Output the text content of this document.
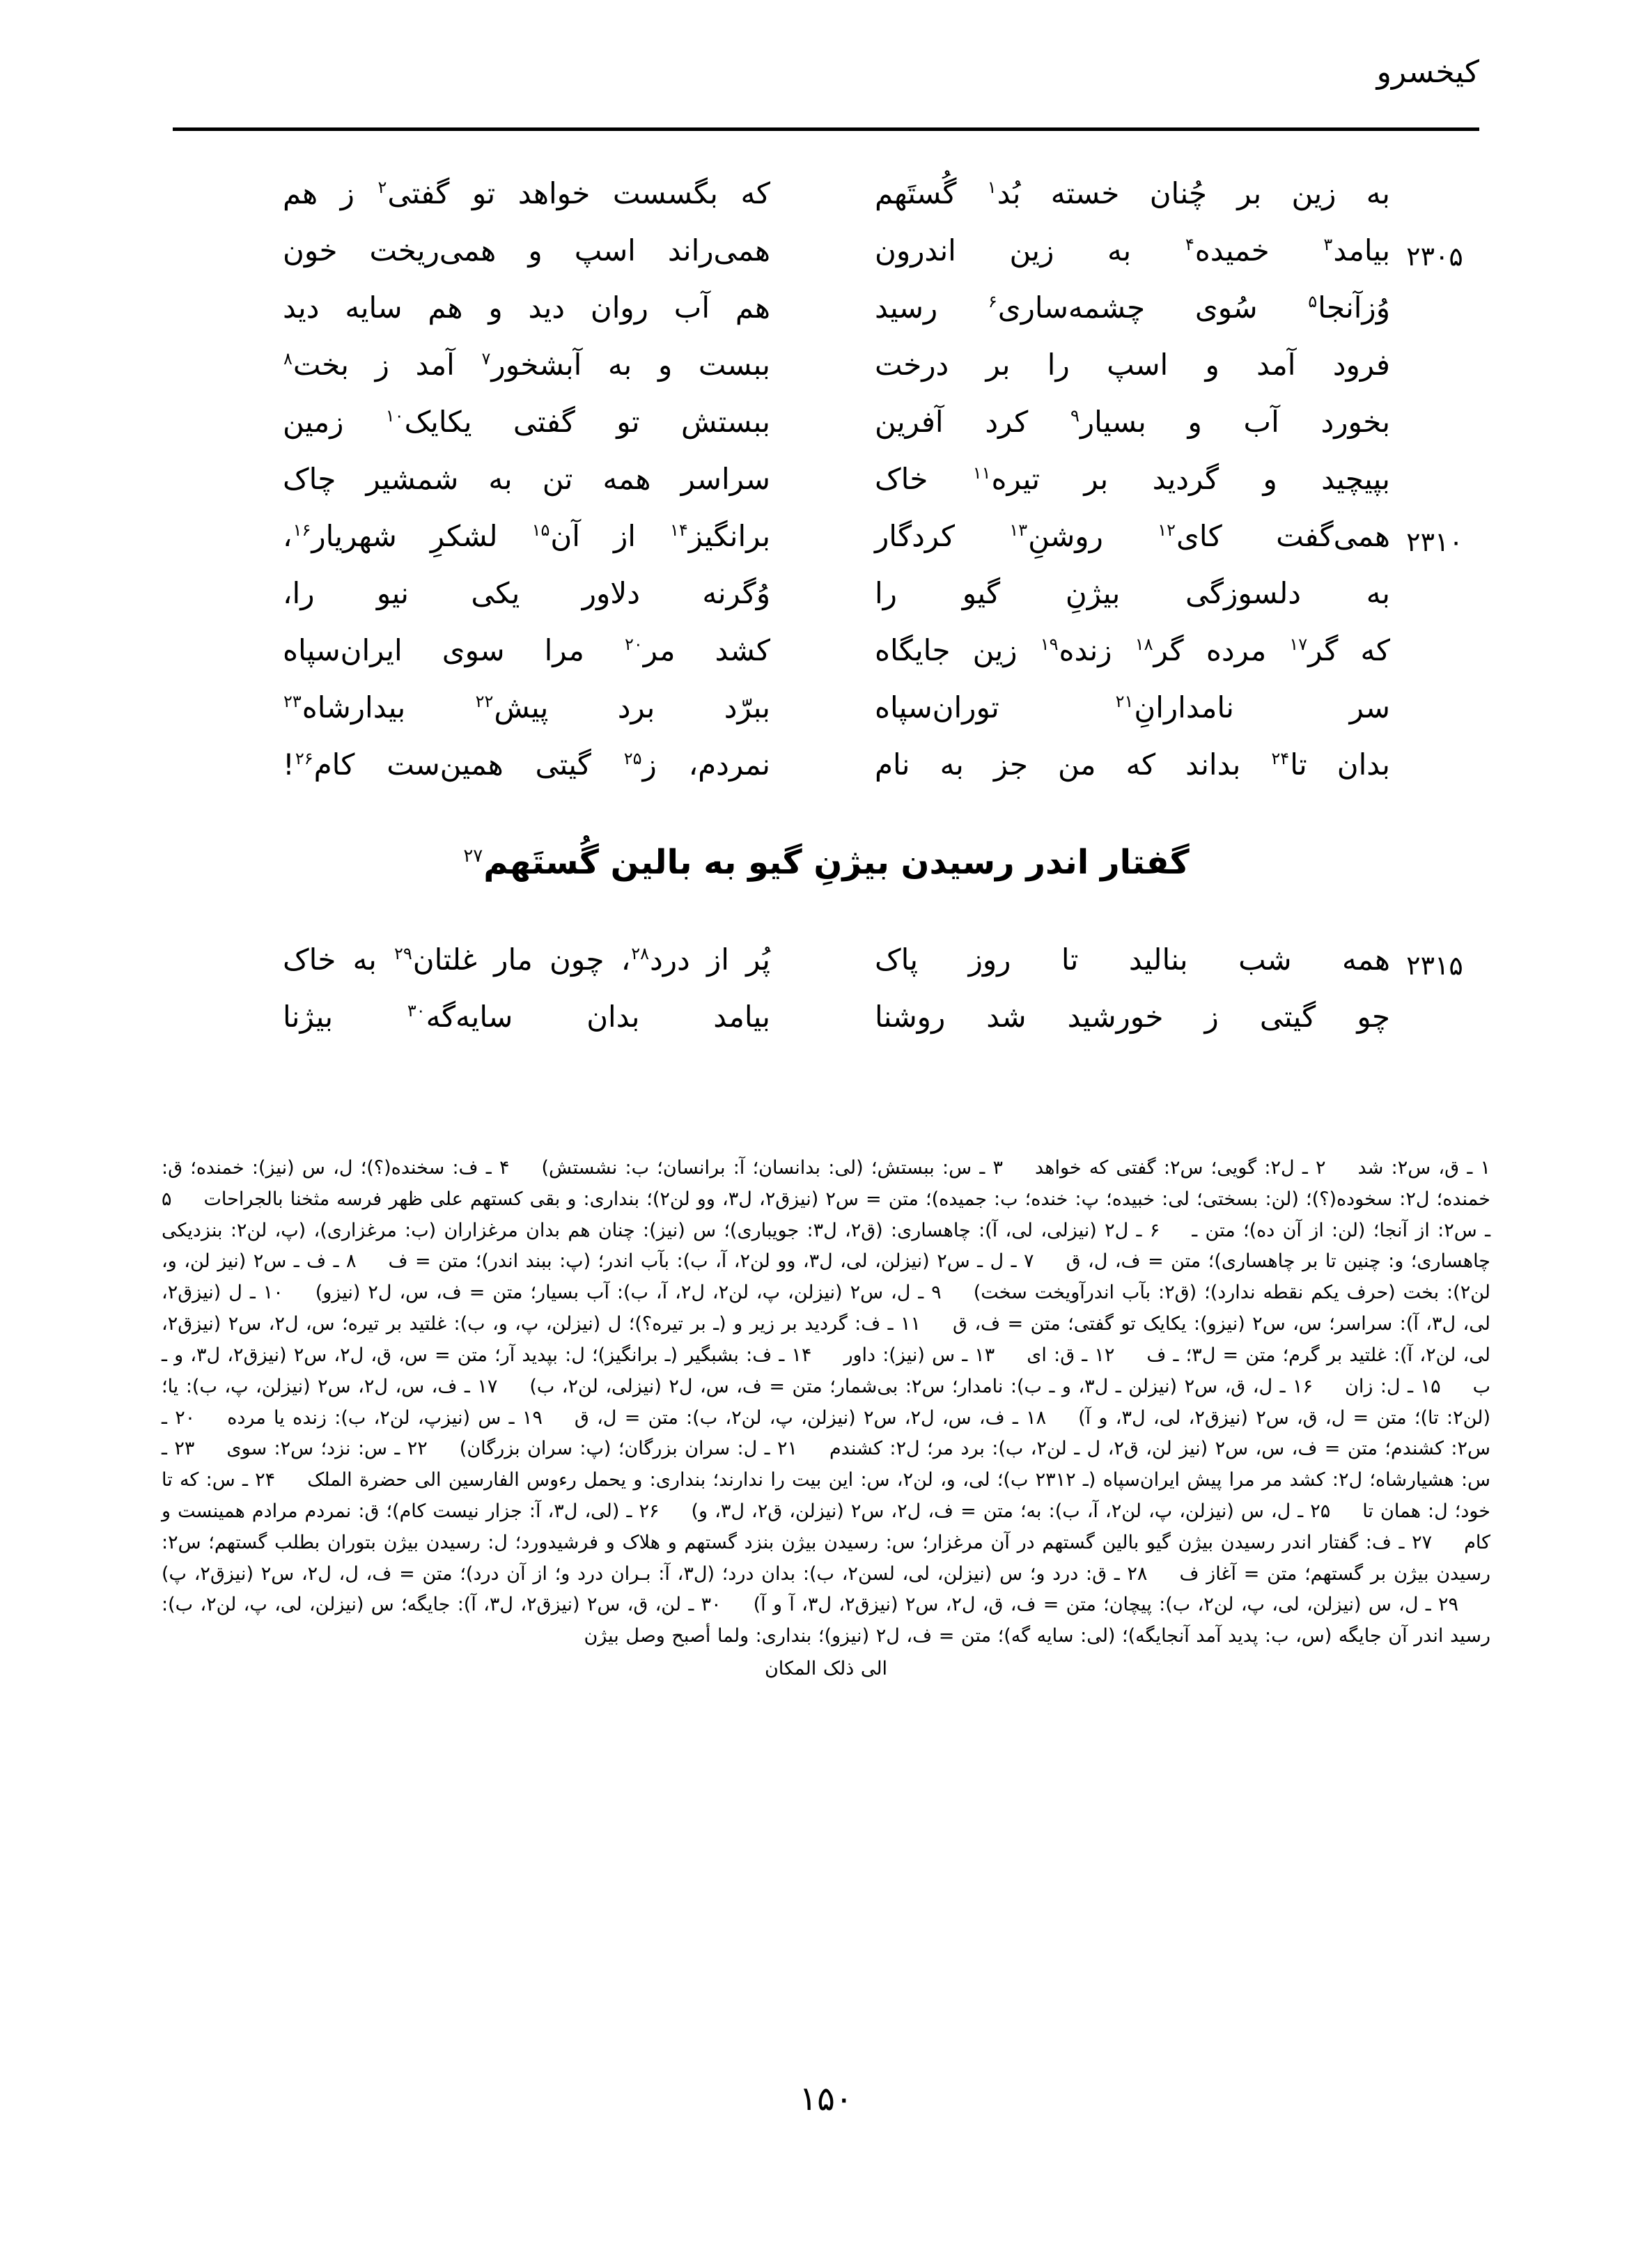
کیخسرو
به زین بر چُنان خسته بُد$^۱$ گُستَهم
که بگسست خواهد تو گفتی$^۲$ ز هم
۲۳۰۵
بیامد$^۳$ خمیده$^۴$ به زین اندرون
همی‌راند اسپ و همی‌ریخت خون
وُزآنجا$^۵$ سُوی چشمه‌ساری$^۶$ رسید
هم آب روان دید و هم سایه دید
فرود آمد و اسپ را بر درخت
ببست و به آبشخور$^۷$ آمد ز بخت$^۸$
بخورد آب و بسیار$^۹$ کرد آفرین
ببستش تو گفتی یکایک$^{۱۰}$ زمین
بپیچید و گردید بر تیره$^{۱۱}$ خاک
سراسر همه تن به شمشیر چاک
۲۳۱۰
همی‌گفت کای$^{۱۲}$ روشنِ$^{۱۳}$ کردگار
برانگیز$^{۱۴}$ از آن$^{۱۵}$ لشکرِ شهریار$^{۱۶}$،
به دلسوزگی بیژنِ گیو را
وُگرنه دلاور یکی نیو را،
که گر$^{۱۷}$ مرده گر$^{۱۸}$ زنده$^{۱۹}$ زین جایگاه
کشد مر$^{۲۰}$ مرا سوی ایران‌سپاه
سر نامدارانِ$^{۲۱}$ توران‌سپاه
ببرّد برد پیش$^{۲۲}$ بیدارشاه$^{۲۳}$
بدان تا$^{۲۴}$ بداند که من جز به نام
نمردم، ز$^{۲۵}$ گیتی همین‌ست کام$^{۲۶}$!
گفتار اندر رسیدن بیژنِ گیو به بالین گُستَهم$^{۲۷}$
۲۳۱۵
همه شب بنالید تا روز پاک
پُر از درد$^{۲۸}$، چون مار غلتان$^{۲۹}$ به خاک
چو گیتی ز خورشید شد روشنا
بیامد بدان سایه‌گه$^{۳۰}$ بیژنا
۱ ـ ق، س۲: شد۲ ـ ل۲: گویی؛ س۲: گفتی که خواهد۳ ـ س: ببستش؛ (لی: بدانسان؛ آ: برانسان؛ ب: نشستش)۴ ـ ف: سخنده(؟)؛ ل، س (نیز): خمنده؛ ق: خمنده؛ ل۲: سخوده(؟)؛ (لن: بسختی؛ لی: خبیده؛ پ: خنده؛ ب: جمیده)؛ متن = س۲ (نیزق۲، ل۳، وو لن۲)؛ بنداری: و بقی کستهم علی ظهر فرسه مثخنا بالجراحات۵ ـ س۲: از آنجا؛ (لن: از آن ده)؛ متن ـ۶ ـ ل۲ (نیزلی، لی، آ): چاهساری: (ق۲، ل۳: جویباری)؛ س (نیز): چنان هم بدان مرغزاران (ب: مرغزاری)، (پ، لن۲: بنزدیکی چاهساری؛ و: چنین تا بر چاهساری)؛ متن = ف، ل، ق۷ ـ ل ـ س۲ (نیزلن، لی، ل۳، وو لن۲، آ، ب): بآب اندر؛ (پ: ببند اندر)؛ متن = ف۸ ـ ف ـ س۲ (نیز لن، و، لن۲): بخت (حرف یکم نقطه ندارد)؛ (ق۲: بآب اندرآویخت سخت)۹ ـ ل، س۲ (نیزلن، پ، لن۲، ل۲، آ، ب): آب بسیار؛ متن = ف، س، ل۲ (نیزو)۱۰ ـ ل (نیزق۲، لی، ل۳، آ): سراسر؛ س، س۲ (نیزو): یکایک تو گفتی؛ متن = ف، ق۱۱ ـ ف: گردید بر زیر و (ـ بر تیره؟)؛ ل (نیزلن، پ، و، ب): غلتید بر تیره؛ س، ل۲، س۲ (نیزق۲، لی، لن۲، آ): غلتید بر گرم؛ متن = ل۳؛ ـ ف۱۲ ـ ق: ای۱۳ ـ س (نیز): داور۱۴ ـ ف: بشبگیر (ـ برانگیز)؛ ل: بپدید آر؛ متن = س، ق، ل۲، س۲ (نیزق۲، ل۳، و ـ ب۱۵ ـ ل: زان۱۶ ـ ل، ق، س۲ (نیزلن ـ ل۳، و ـ ب): نامدار؛ س۲: بی‌شمار؛ متن = ف، س، ل۲ (نیزلی، لن۲، ب)۱۷ ـ ف، س، ل۲، س۲ (نیزلن، پ، ب): یا؛ (لن۲: تا)؛ متن = ل، ق، س۲ (نیزق۲، لی، ل۳، و آ)۱۸ ـ ف، س، ل۲، س۲ (نیزلن، پ، لن۲، ب): متن = ل، ق۱۹ ـ س (نیزپ، لن۲، ب): زنده یا مرده۲۰ ـ س۲: کشندم؛ متن = ف، س، س۲ (نیز لن، ق۲، ل ـ لن۲، ب): برد مر؛ ل۲: کشندم۲۱ ـ ل: سران بزرگان؛ (پ: سران بزرگان)۲۲ ـ س: نزد؛ س۲: سوی۲۳ ـ س: هشیارشاه؛ ل۲: کشد مر مرا پیش ایران‌سپاه (ـ ۲۳۱۲ ب)؛ لی، و، لن۲، س: این بیت را ندارند؛ بنداری: و یحمل رءوس الفارسین الی حضرة الملک۲۴ ـ س: که تا خود؛ ل: همان تا۲۵ ـ ل، س (نیزلن، پ، لن۲، آ، ب): به؛ متن = ف، ل۲، س۲ (نیزلن، ق۲، ل۳، و)۲۶ ـ (لی، ل۳، آ: جزار نیست کام)؛ ق: نمردم مرادم همینست و کام۲۷ ـ ف: گفتار اندر رسیدن بیژن گیو بالین گستهم در آن مرغزار؛ س: رسیدن بیژن بنزد گستهم و هلاک و فرشیدورد؛ ل: رسیدن بیژن بتوران بطلب گستهم؛ س۲: رسیدن بیژن بر گستهم؛ متن = آغاز ف۲۸ ـ ق: درد و؛ س (نیزلن، لی، لسن۲، ب): بدان درد؛ (ل۳، آ: بـران درد و؛ از آن درد)؛ متن = ف، ل، ل۲، س۲ (نیزق۲، پ)۲۹ ـ ل، س (نیزلن، لی، پ، لن۲، ب): پیچان؛ متن = ف، ق، ل۲، س۲ (نیزق۲، ل۳، آ و آ)۳۰ ـ لن، ق، س۲ (نیزق۲، ل۳، آ): جایگه؛ س (نیزلن، لی، پ، لن۲، ب): رسید اندر آن جایگه (س، ب: پدید آمد آنجایگه)؛ (لی: سایه گه)؛ متن = ف، ل۲ (نیزو)؛ بنداری: ولما أصبح وصل بیژن
الی ذلک المکان
۱۵۰
